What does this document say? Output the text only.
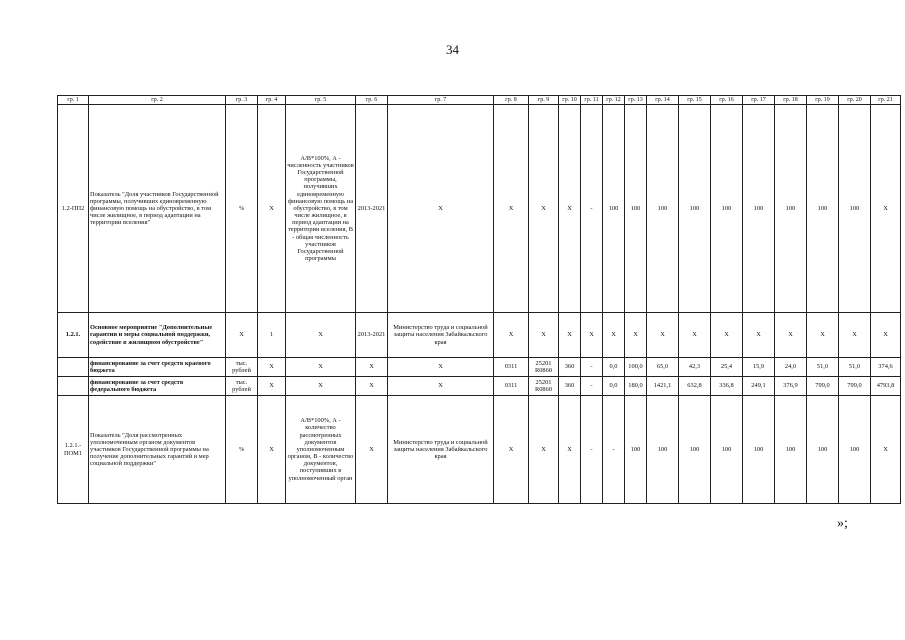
34
гр. 1	гр. 2	гр. 3	гр. 4	гр. 5	гр. 6	гр. 7	гр. 8	гр. 9	гр. 10	гр. 11	гр. 12	гр. 13	гр. 14	гр. 15	гр. 16	гр. 17	гр. 18	гр. 19	гр. 20	гр. 21
1.2-ПП2	Показатель "Доля участников Государственной программы, получивших единовременную финансовую помощь на обустройство, в том числе жилищное, в период адаптации на территории вселения"	%	Х	А/В*100%, А - численность участников Государственной программы, получивших единовременную финансовую помощь на обустройство, в том числе жилищное, в период адаптации на территории вселения, В - общая численность участников Государственной программы	2013-2021	Х	Х	Х	Х	-	100	100	100	100	100	100	100	100	100	Х
1.2.1.	Основное мероприятие "Дополнительные гарантии и меры социальной поддержки, содействие в жилищном обустройстве"	Х	1	Х	2013-2021	Министерство труда и социальной защиты населения Забайкальского края	Х	Х	Х	Х	Х	Х	Х	Х	Х	Х	Х	Х	Х	Х
	финансирование за счет средств краевого бюджета	тыс. рублей	Х	Х	Х	Х	0311	25201 R0860	360	-	0,0	100,0	65,0	42,3	25,4	15,9	24,0	51,0	51,0	374,6
	финансирование за счет средств федерального бюджета	тыс. рублей	Х	Х	Х	Х	0311	25201 R0860	360	-	0,0	180,0	1421,1	632,8	336,8	249,1	376,9	799,0	799,0	4793,8
1.2.1.-ПОМ1	Показатель "Доля рассмотренных уполномоченным органом документов участников Государственной программы на получение дополнительных гарантий и мер социальной поддержки"	%	Х	А/В*100%, А - количество рассмотренных документов уполномоченным органом, В - количество документов, поступивших в уполномоченный орган	Х	Министерство труда и социальной защиты населения Забайкальского края	Х	Х	Х	-	-	100	100	100	100	100	100	100	100	Х
»;
